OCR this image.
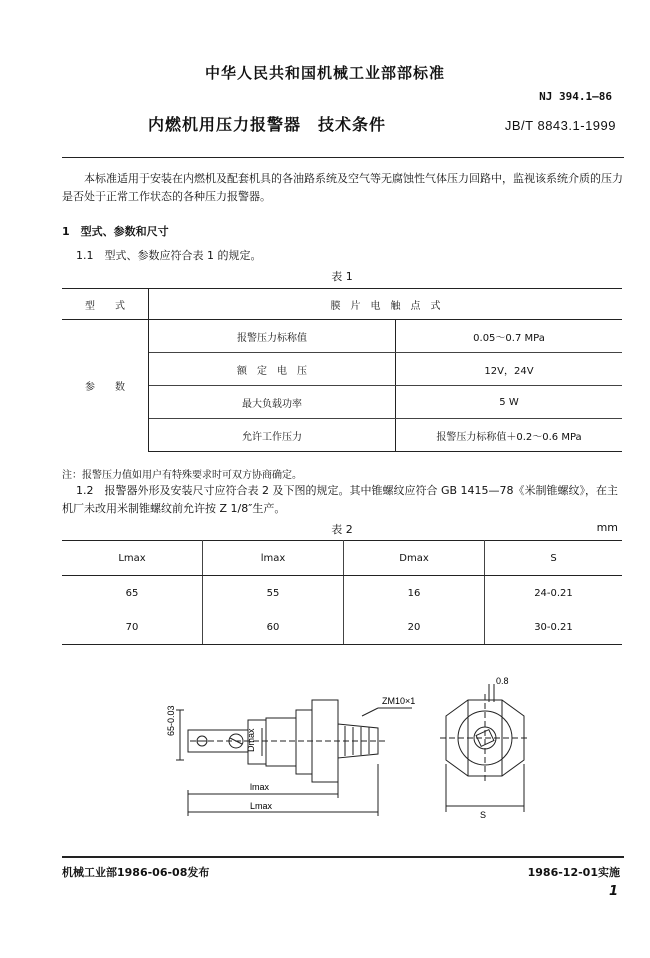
中华人民共和国机械工业部部标准
NJ 394.1—86
内燃机用压力报警器　技术条件	JB/T 8843.1-1999
本标准适用于安装在内燃机及配套机具的各油路系统及空气等无腐蚀性气体压力回路中，监视该系统介质的压力是否处于正常工作状态的各种压力报警器。
1　型式、参数和尺寸
1.1　型式、参数应符合表 1 的规定。
表 1
型　　式	膜　片　电　触　点　式	
参　　数	报警压力标称值	0.05～0.7 MPa
	额　定　电　压	12V，24V
	最大负载功率	5 W
	允许工作压力	报警压力标称值＋0.2～0.6 MPa
注：报警压力值如用户有特殊要求时可双方协商确定。
1.2　报警器外形及安装尺寸应符合表 2 及下图的规定。其中锥螺纹应符合 GB 1415—78《米制锥螺纹》，在主机厂未改用米制锥螺纹前允许按 Z 1/8″生产。
表 2	mm
Lmax	lmax	Dmax	S
65	55	16	24-0.21
70	60	20	30-0.21
65-0.03
Dmax
lmax
Lmax
ZM10×1
0.8
S
机械工业部1986-06-08发布	1986-12-01实施
1
